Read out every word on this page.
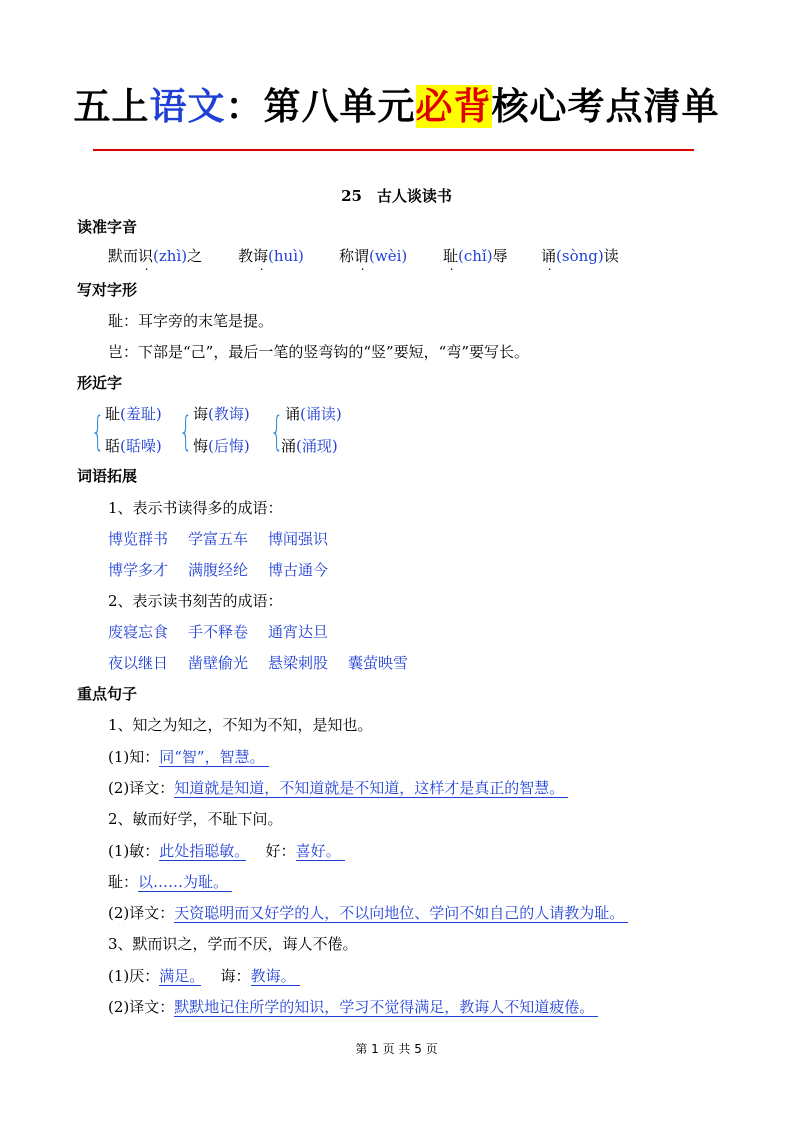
五上语文：第八单元必背核心考点清单
25　古人谈读书
读准字音
默而识(zhì)之 教诲(huì) 称谓(wèi) 耻(chǐ)辱 诵(sòng)读
写对字形
耻：耳字旁的末笔是提。
岂：下部是“己”，最后一笔的竖弯钩的“竖”要短，“弯”要写长。
形近字
{ 耻(羞耻)
聒(聒噪) { 诲(教诲)
悔(后悔) { 诵(诵读)
涌(涌现)
词语拓展
1、表示书读得多的成语：
博览群书 学富五车 博闻强识
博学多才 满腹经纶 博古通今
2、表示读书刻苦的成语：
废寝忘食 手不释卷 通宵达旦
夜以继日 凿壁偷光 悬梁刺股 囊萤映雪
重点句子
1、知之为知之，不知为不知，是知也。
(1)知：同“智”，智慧。
(2)译文：知道就是知道，不知道就是不知道，这样才是真正的智慧。
2、敏而好学，不耻下问。
(1)敏：此处指聪敏。　 好：喜好。
耻：以……为耻。
(2)译文：天资聪明而又好学的人，不以向地位、学问不如自己的人请教为耻。
3、默而识之，学而不厌，诲人不倦。
(1)厌：满足。　 诲：教诲。
(2)译文：默默地记住所学的知识，学习不觉得满足，教诲人不知道疲倦。
第 1 页 共 5 页
